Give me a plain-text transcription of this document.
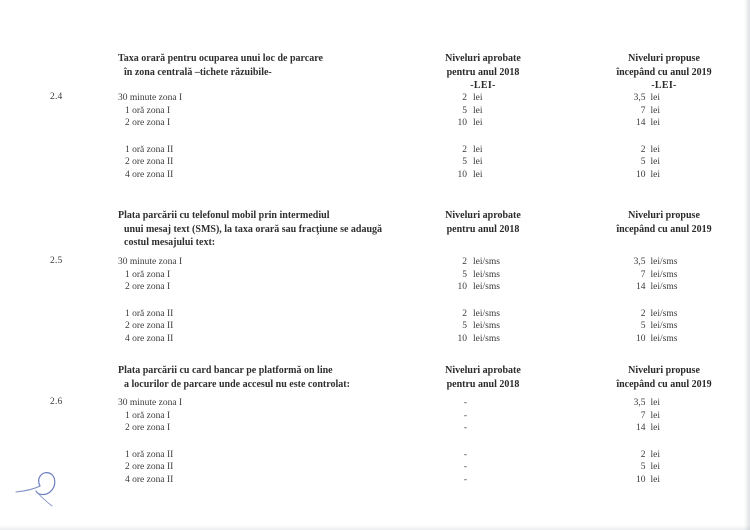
2.4
Taxa orară pentru ocuparea unui loc de parcare
în zona centrală –tichete răzuibile-
Niveluri aprobate
pentru anul 2018
-LEI-
Niveluri propuse
începând cu anul 2019
-LEI-
30 minute zona I
1 oră zona I
2 ore zona I
1 oră zona II
2 ore zona II
4 ore zona II
2 lei
5 lei
10 lei
2 lei
5 lei
10 lei
3,5 lei
7 lei
14 lei
2 lei
5 lei
10 lei
2.5
Plata parcării cu telefonul mobil prin intermediul
unui mesaj text (SMS), la taxa orară sau fracţiune se adaugă
costul mesajului text:
Niveluri aprobate
pentru anul 2018
Niveluri propuse
începând cu anul 2019
30 minute zona I
1 oră zona I
2 ore zona I
1 oră zona II
2 ore zona II
4 ore zona II
2 lei/sms
5 lei/sms
10 lei/sms
2 lei/sms
5 lei/sms
10 lei/sms
3,5 lei/sms
7 lei/sms
14 lei/sms
2 lei/sms
5 lei/sms
10 lei/sms
2.6
Plata parcării cu card bancar pe platformă on line
a locurilor de parcare unde accesul nu este controlat:
Niveluri aprobate
pentru anul 2018
Niveluri propuse
începând cu anul 2019
30 minute zona I
1 oră zona I
2 ore zona I
1 oră zona II
2 ore zona II
4 ore zona II
-
-
-
-
-
-
3,5 lei
7 lei
14 lei
2 lei
5 lei
10 lei
